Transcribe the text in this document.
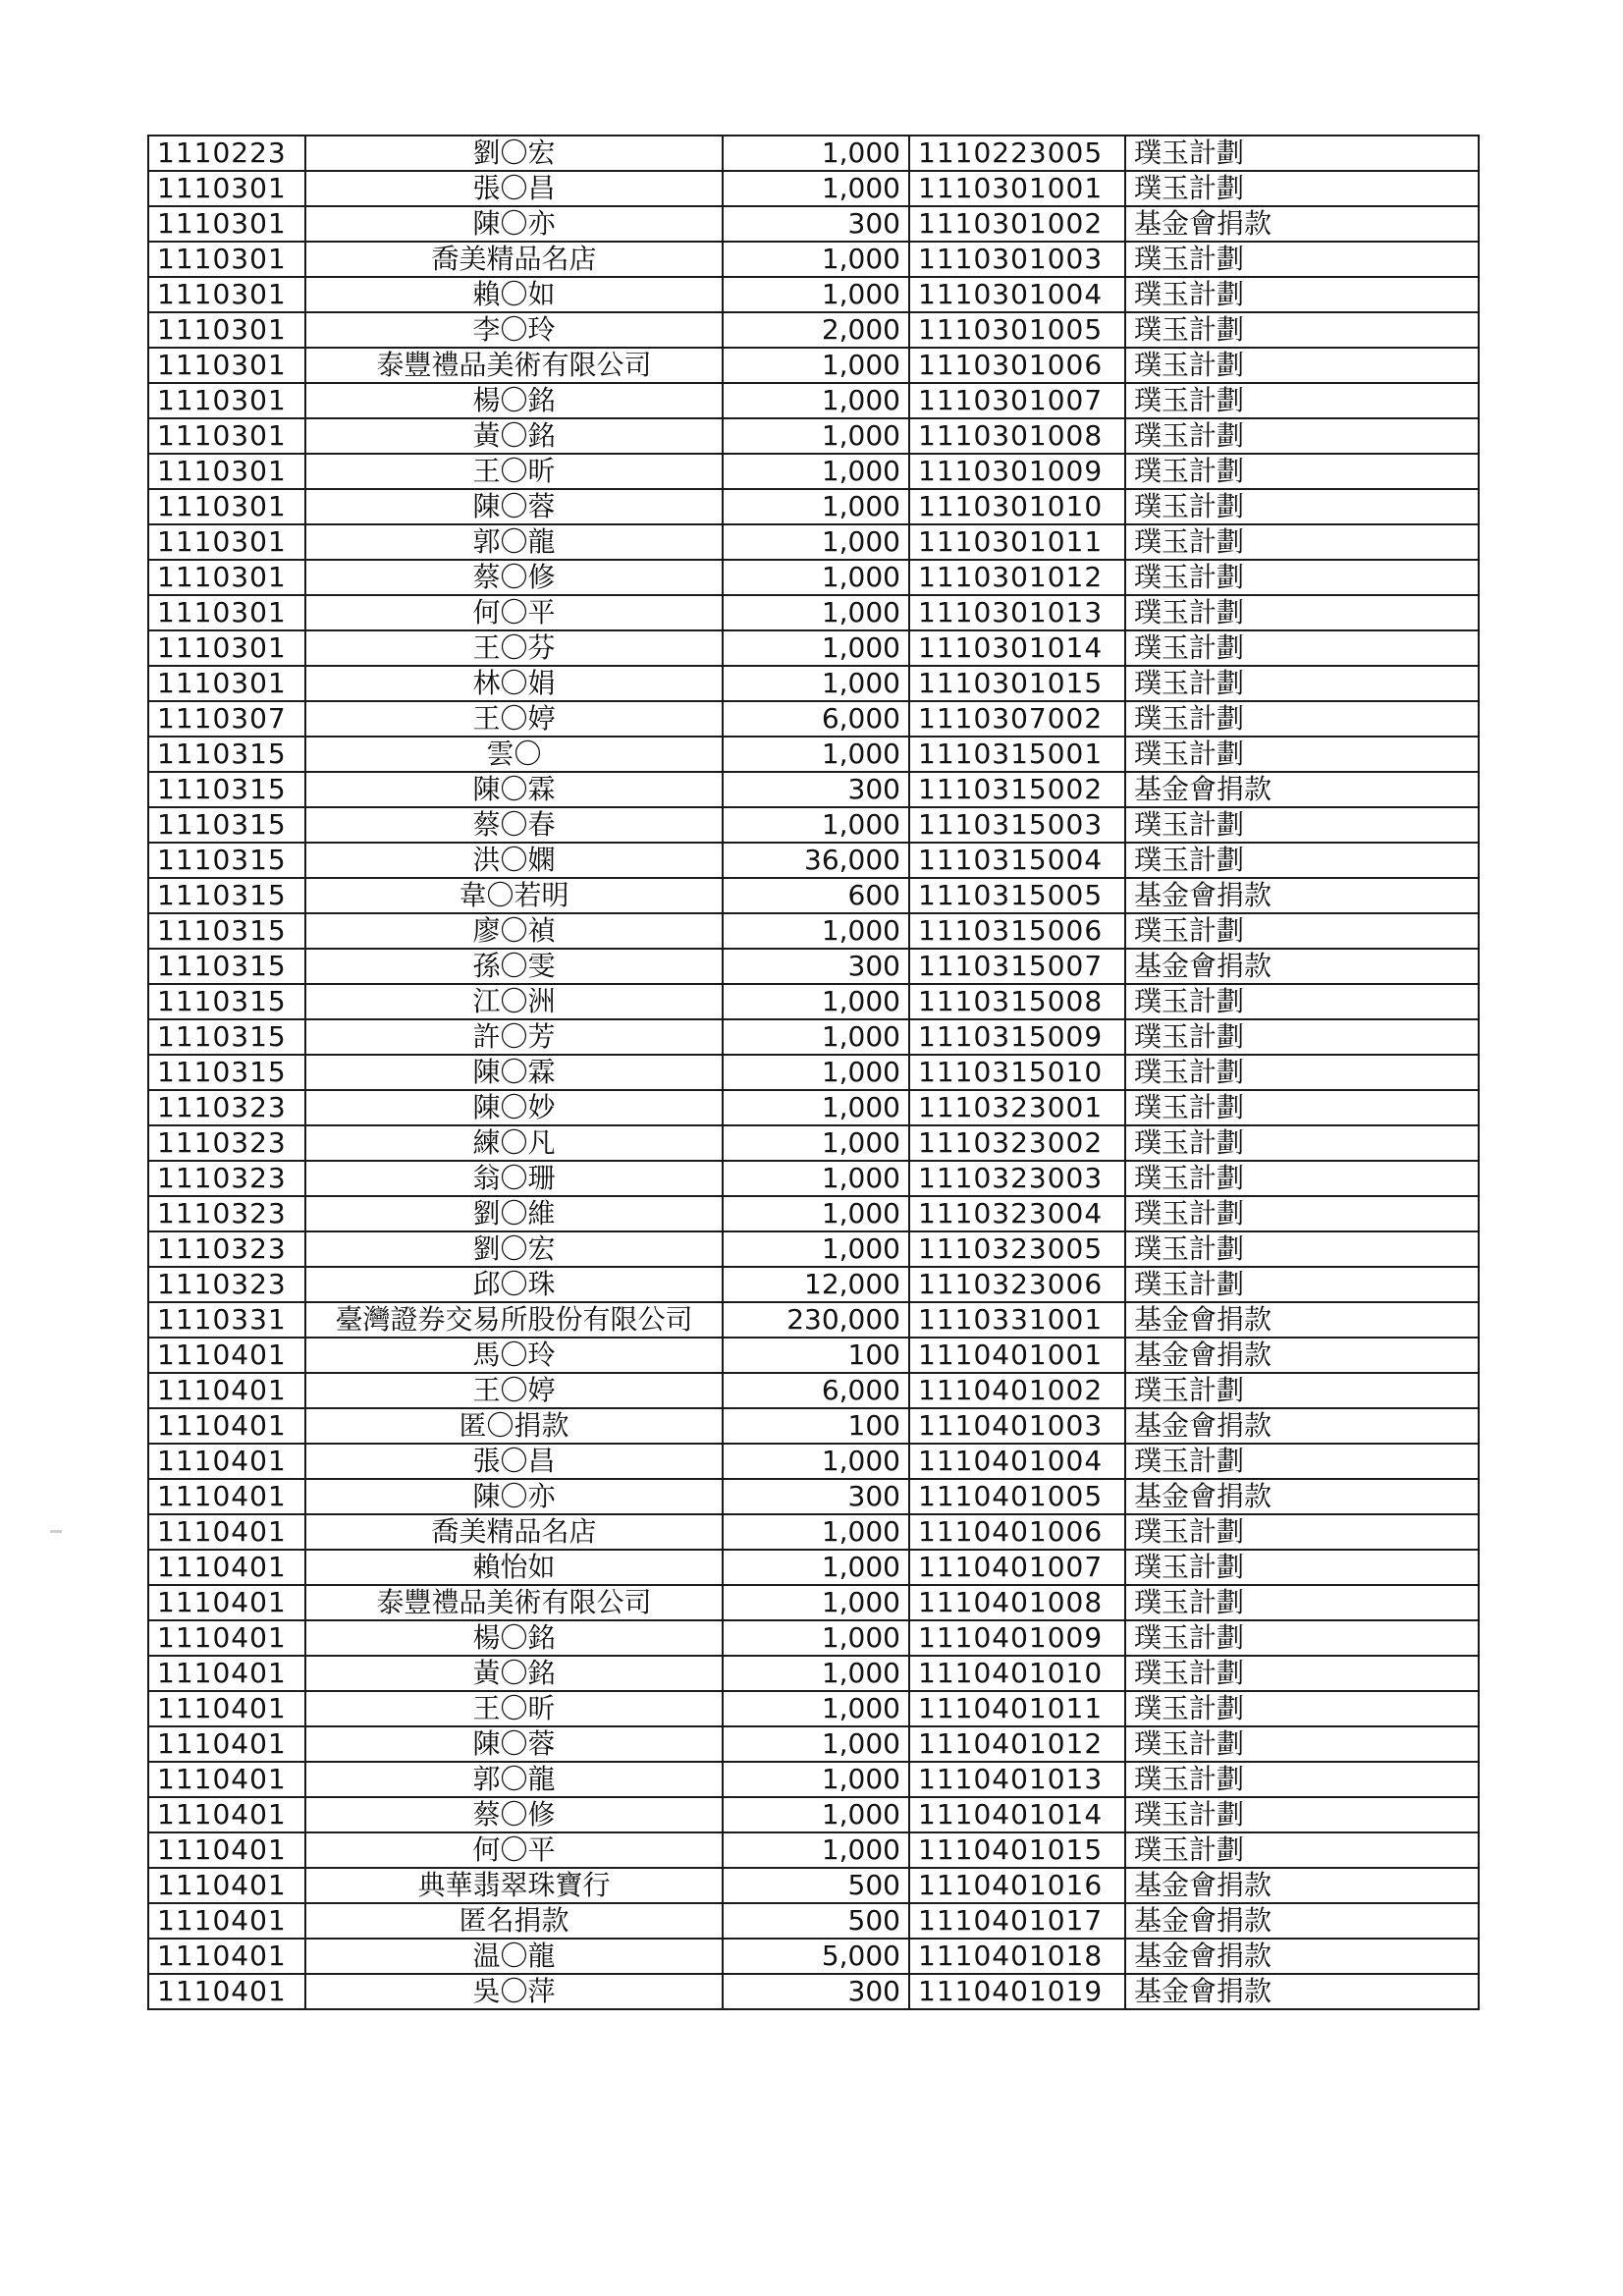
1110223	劉〇宏	1,000	1110223005	璞玉計劃
1110301	張〇昌	1,000	1110301001	璞玉計劃
1110301	陳〇亦	300	1110301002	基金會捐款
1110301	喬美精品名店	1,000	1110301003	璞玉計劃
1110301	賴〇如	1,000	1110301004	璞玉計劃
1110301	李〇玲	2,000	1110301005	璞玉計劃
1110301	泰豐禮品美術有限公司	1,000	1110301006	璞玉計劃
1110301	楊〇銘	1,000	1110301007	璞玉計劃
1110301	黃〇銘	1,000	1110301008	璞玉計劃
1110301	王〇昕	1,000	1110301009	璞玉計劃
1110301	陳〇蓉	1,000	1110301010	璞玉計劃
1110301	郭〇龍	1,000	1110301011	璞玉計劃
1110301	蔡〇修	1,000	1110301012	璞玉計劃
1110301	何〇平	1,000	1110301013	璞玉計劃
1110301	王〇芬	1,000	1110301014	璞玉計劃
1110301	林〇娟	1,000	1110301015	璞玉計劃
1110307	王〇婷	6,000	1110307002	璞玉計劃
1110315	雲〇	1,000	1110315001	璞玉計劃
1110315	陳〇霖	300	1110315002	基金會捐款
1110315	蔡〇春	1,000	1110315003	璞玉計劃
1110315	洪〇嫻	36,000	1110315004	璞玉計劃
1110315	韋〇若明	600	1110315005	基金會捐款
1110315	廖〇禎	1,000	1110315006	璞玉計劃
1110315	孫〇雯	300	1110315007	基金會捐款
1110315	江〇洲	1,000	1110315008	璞玉計劃
1110315	許〇芳	1,000	1110315009	璞玉計劃
1110315	陳〇霖	1,000	1110315010	璞玉計劃
1110323	陳〇妙	1,000	1110323001	璞玉計劃
1110323	練〇凡	1,000	1110323002	璞玉計劃
1110323	翁〇珊	1,000	1110323003	璞玉計劃
1110323	劉〇維	1,000	1110323004	璞玉計劃
1110323	劉〇宏	1,000	1110323005	璞玉計劃
1110323	邱〇珠	12,000	1110323006	璞玉計劃
1110331	臺灣證券交易所股份有限公司	230,000	1110331001	基金會捐款
1110401	馬〇玲	100	1110401001	基金會捐款
1110401	王〇婷	6,000	1110401002	璞玉計劃
1110401	匿〇捐款	100	1110401003	基金會捐款
1110401	張〇昌	1,000	1110401004	璞玉計劃
1110401	陳〇亦	300	1110401005	基金會捐款
1110401	喬美精品名店	1,000	1110401006	璞玉計劃
1110401	賴怡如	1,000	1110401007	璞玉計劃
1110401	泰豐禮品美術有限公司	1,000	1110401008	璞玉計劃
1110401	楊〇銘	1,000	1110401009	璞玉計劃
1110401	黃〇銘	1,000	1110401010	璞玉計劃
1110401	王〇昕	1,000	1110401011	璞玉計劃
1110401	陳〇蓉	1,000	1110401012	璞玉計劃
1110401	郭〇龍	1,000	1110401013	璞玉計劃
1110401	蔡〇修	1,000	1110401014	璞玉計劃
1110401	何〇平	1,000	1110401015	璞玉計劃
1110401	典華翡翠珠寶行	500	1110401016	基金會捐款
1110401	匿名捐款	500	1110401017	基金會捐款
1110401	温〇龍	5,000	1110401018	基金會捐款
1110401	吳〇萍	300	1110401019	基金會捐款
